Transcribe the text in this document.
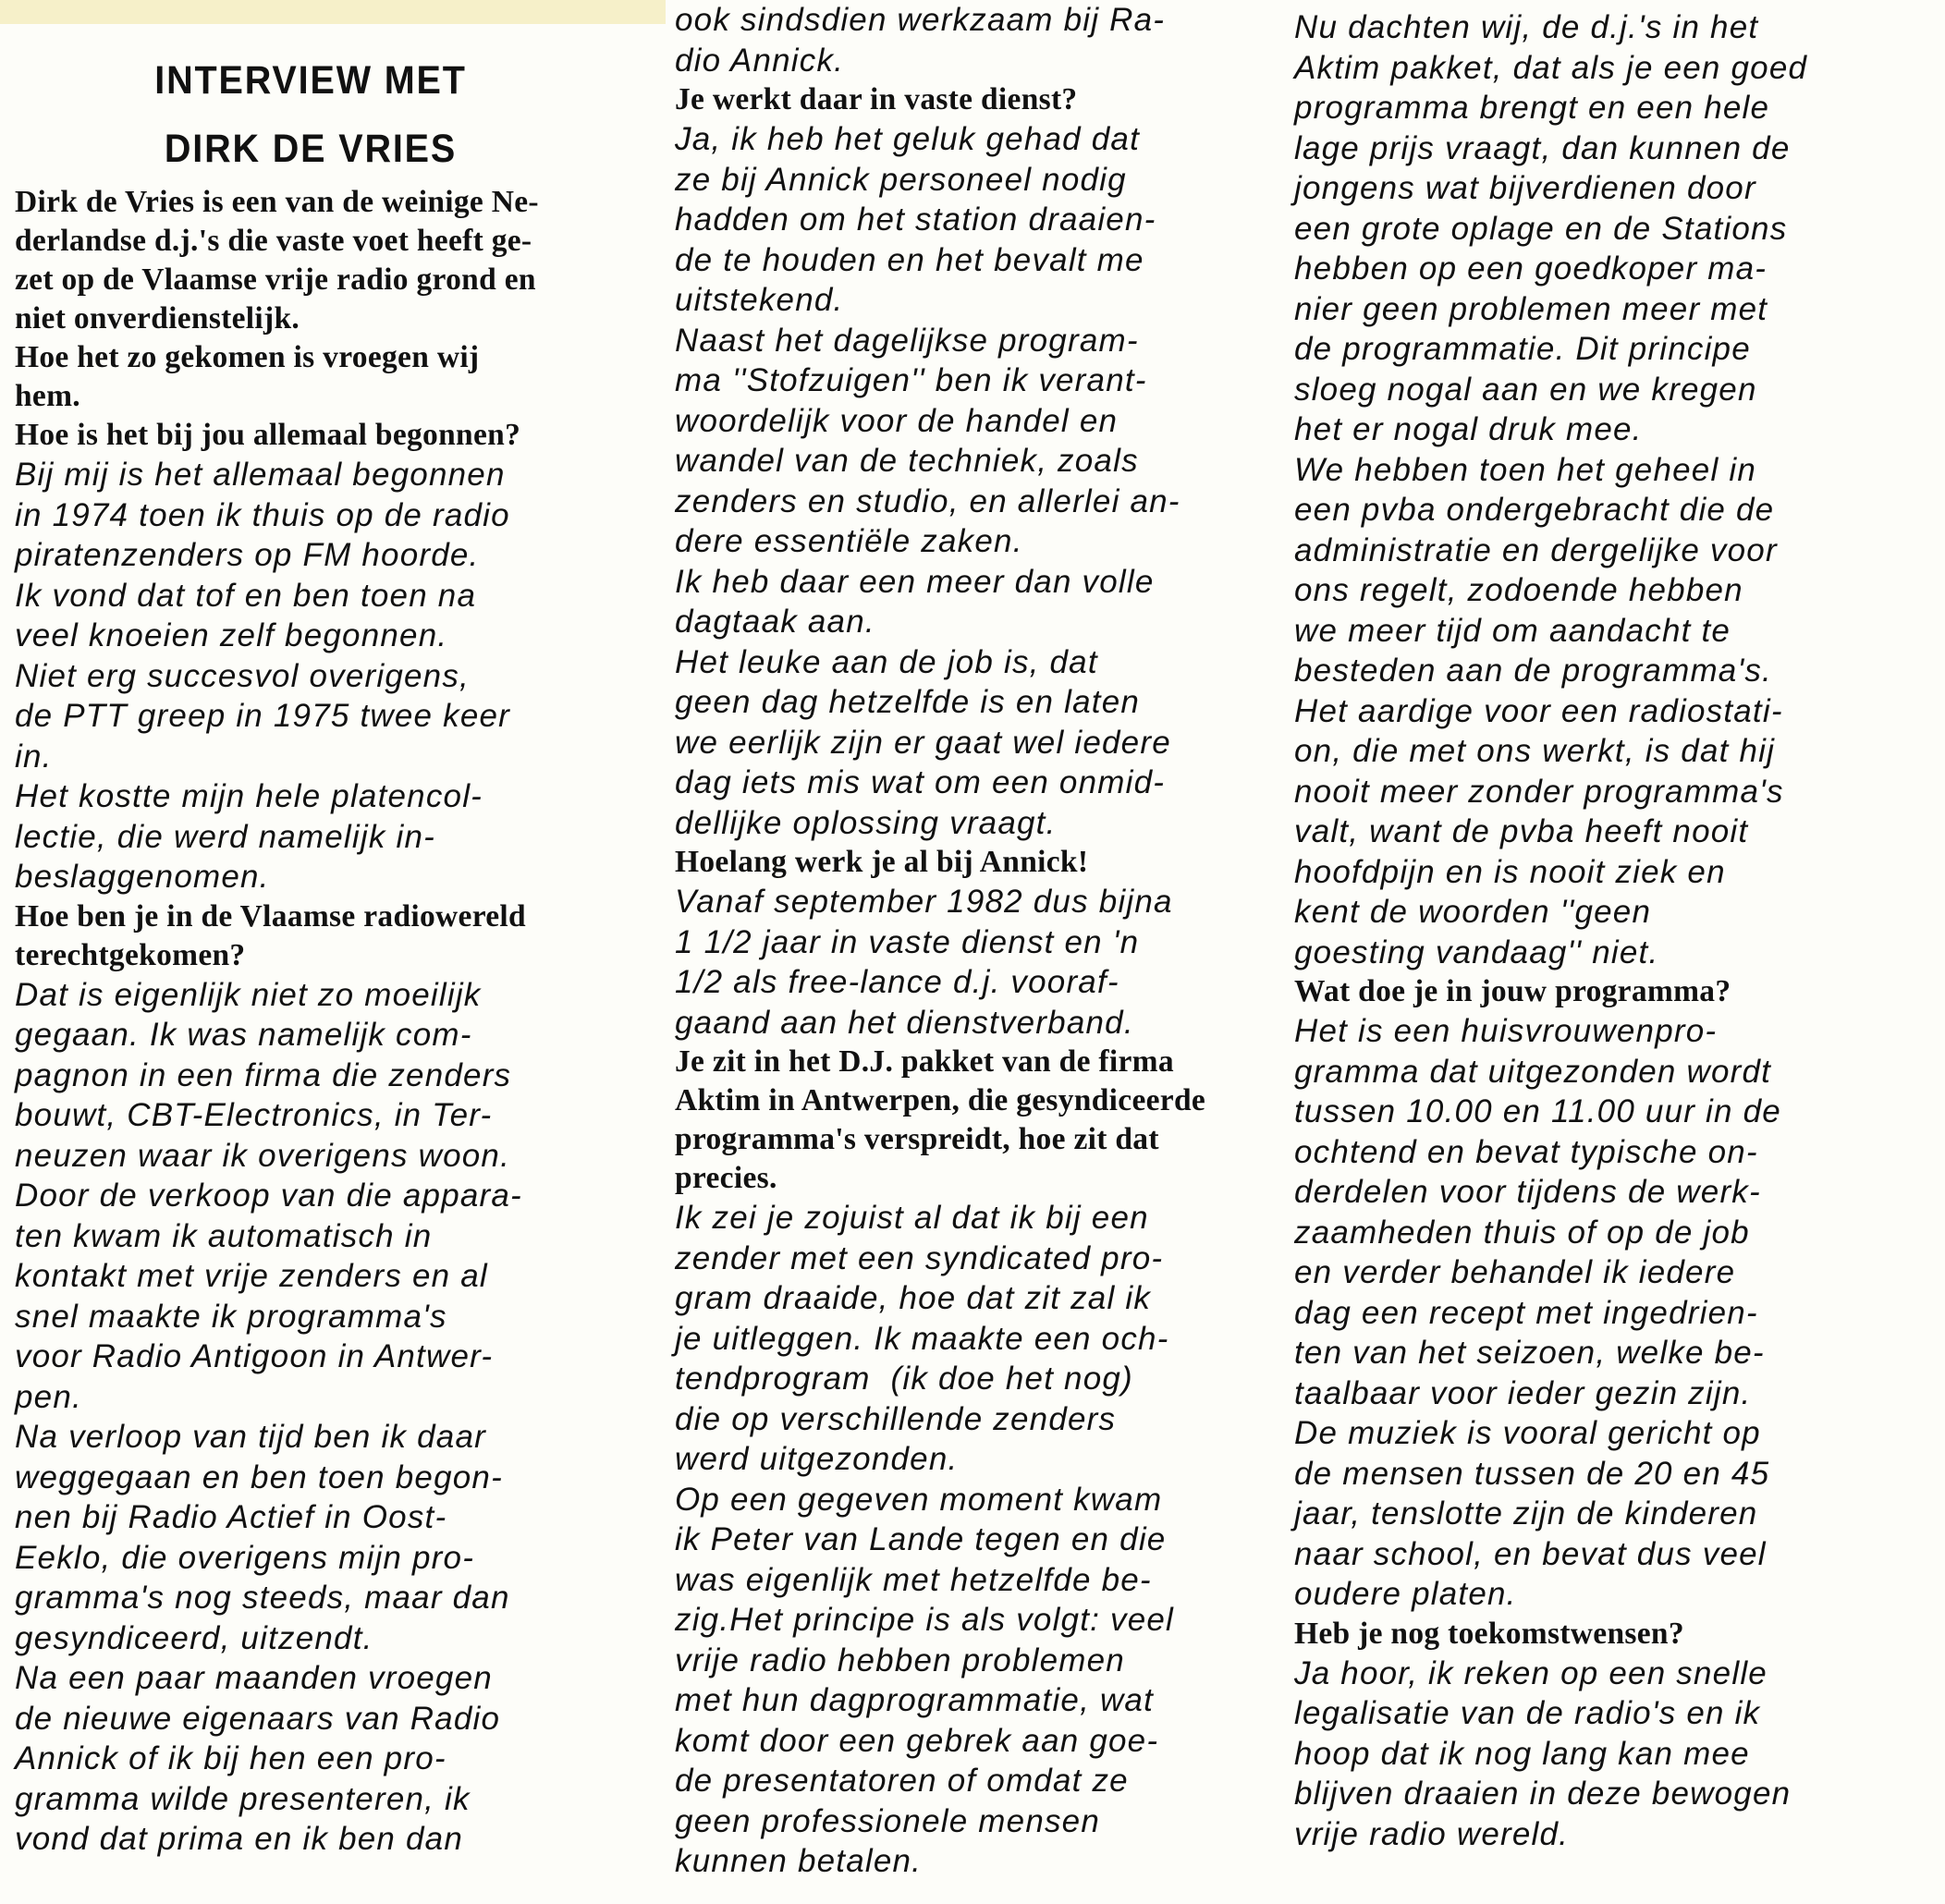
INTERVIEW MET

DIRK DE VRIES

Dirk de Vries is een van de weinige Ne-
derlandse d.j.'s die vaste voet heeft ge-
zet op de Vlaamse vrije radio grond en
niet onverdienstelijk.

Hoe het zo gekomen is vroegen wij
hem.

Hoe is het bij jou allemaal begonnen?

Bij mij is het allemaal begonnen
in 1974 toen ik thuis op de radio
piratenzenders op FM hoorde.
Ik vond dat tof en ben toen na
veel knoeien zelf begonnen.
Niet erg succesvol overigens,
de PTT greep in 1975 twee keer
in.
Het kostte mijn hele platencol-
lectie, die werd namelijk in-
beslaggenomen.

Hoe ben je in de Vlaamse radiowereld
terechtgekomen?

Dat is eigenlijk niet zo moeilijk
gegaan. Ik was namelijk com-
pagnon in een firma die zenders
bouwt, CBT-Electronics, in Ter-
neuzen waar ik overigens woon.
Door de verkoop van die appara-
ten kwam ik automatisch in
kontakt met vrije zenders en al
snel maakte ik programma's
voor Radio Antigoon in Antwer-
pen.
Na verloop van tijd ben ik daar
weggegaan en ben toen begon-
nen bij Radio Actief in Oost-
Eeklo, die overigens mijn pro-
gramma's nog steeds, maar dan
gesyndiceerd, uitzendt.
Na een paar maanden vroegen
de nieuwe eigenaars van Radio
Annick of ik bij hen een pro-
gramma wilde presenteren, ik
vond dat prima en ik ben dan

ook sindsdien werkzaam bij Ra-
dio Annick.

Je werkt daar in vaste dienst?

Ja, ik heb het geluk gehad dat
ze bij Annick personeel nodig
hadden om het station draaien-
de te houden en het bevalt me
uitstekend.
Naast het dagelijkse program-
ma ''Stofzuigen'' ben ik verant-
woordelijk voor de handel en
wandel van de techniek, zoals
zenders en studio, en allerlei an-
dere essentiële zaken.
Ik heb daar een meer dan volle
dagtaak aan.
Het leuke aan de job is, dat
geen dag hetzelfde is en laten
we eerlijk zijn er gaat wel iedere
dag iets mis wat om een onmid-
dellijke oplossing vraagt.

Hoelang werk je al bij Annick!

Vanaf september 1982 dus bijna
1 1/2 jaar in vaste dienst en 'n
1/2 als free-lance d.j. vooraf-
gaand aan het dienstverband.

Je zit in het D.J. pakket van de firma
Aktim in Antwerpen, die gesyndiceerde
programma's verspreidt, hoe zit dat
precies.

Ik zei je zojuist al dat ik bij een
zender met een syndicated pro-
gram draaide, hoe dat zit zal ik
je uitleggen. Ik maakte een och-
tendprogram  (ik doe het nog)
die op verschillende zenders
werd uitgezonden.
Op een gegeven moment kwam
ik Peter van Lande tegen en die
was eigenlijk met hetzelfde be-
zig.Het principe is als volgt: veel
vrije radio hebben problemen
met hun dagprogrammatie, wat
komt door een gebrek aan goe-
de presentatoren of omdat ze
geen professionele mensen
kunnen betalen.

Nu dachten wij, de d.j.'s in het
Aktim pakket, dat als je een goed
programma brengt en een hele
lage prijs vraagt, dan kunnen de
jongens wat bijverdienen door
een grote oplage en de Stations
hebben op een goedkoper ma-
nier geen problemen meer met
de programmatie. Dit principe
sloeg nogal aan en we kregen
het er nogal druk mee.
We hebben toen het geheel in
een pvba ondergebracht die de
administratie en dergelijke voor
ons regelt, zodoende hebben
we meer tijd om aandacht te
besteden aan de programma's.
Het aardige voor een radiostati-
on, die met ons werkt, is dat hij
nooit meer zonder programma's
valt, want de pvba heeft nooit
hoofdpijn en is nooit ziek en
kent de woorden ''geen
goesting vandaag'' niet.

Wat doe je in jouw programma?

Het is een huisvrouwenpro-
gramma dat uitgezonden wordt
tussen 10.00 en 11.00 uur in de
ochtend en bevat typische on-
derdelen voor tijdens de werk-
zaamheden thuis of op de job
en verder behandel ik iedere
dag een recept met ingedrien-
ten van het seizoen, welke be-
taalbaar voor ieder gezin zijn.
De muziek is vooral gericht op
de mensen tussen de 20 en 45
jaar, tenslotte zijn de kinderen
naar school, en bevat dus veel
oudere platen.

Heb je nog toekomstwensen?

Ja hoor, ik reken op een snelle
legalisatie van de radio's en ik
hoop dat ik nog lang kan mee
blijven draaien in deze bewogen
vrije radio wereld.
